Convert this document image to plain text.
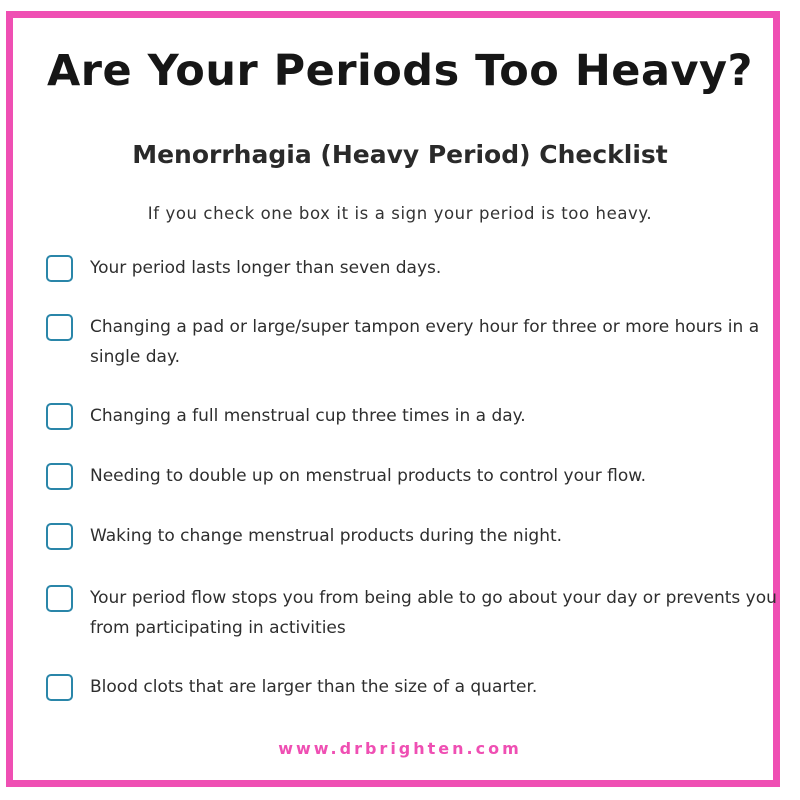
Are Your Periods Too Heavy?
Menorrhagia (Heavy Period) Checklist

If you check one box it is a sign your period is too heavy.

Your period lasts longer than seven days.

Changing a pad or large/super tampon every hour for three or more hours in a single day.

Changing a full menstrual cup three times in a day.

Needing to double up on menstrual products to control your flow.

Waking to change menstrual products during the night.

Your period flow stops you from being able to go about your day or prevents you from participating in activities

Blood clots that are larger than the size of a quarter.

www.drbrighten.com
